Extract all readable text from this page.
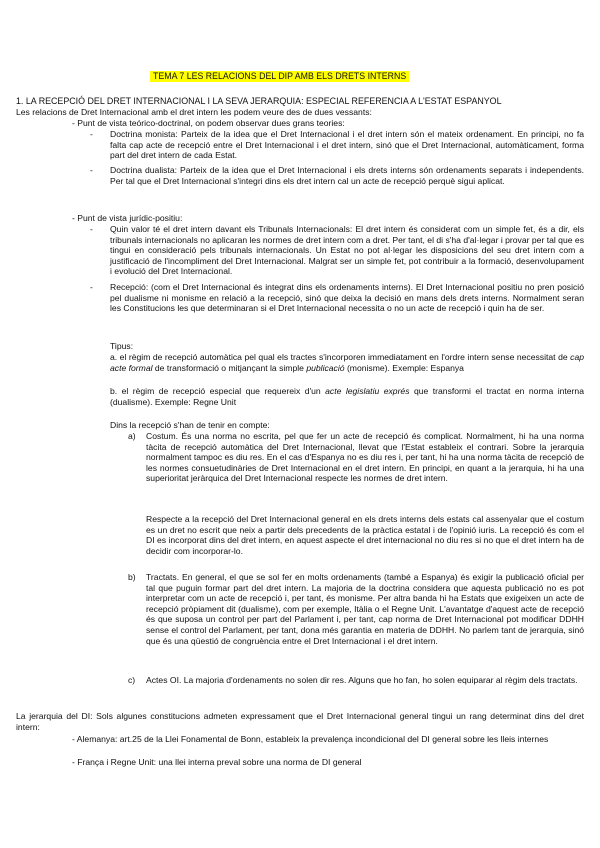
TEMA 7 LES RELACIONS DEL DIP AMB ELS DRETS INTERNS
1. LA RECEPCIÓ DEL DRET INTERNACIONAL I LA SEVA JERARQUIA: ESPECIAL REFERENCIA A L'ESTAT ESPANYOL
Les relacions de Dret Internacional amb el dret intern les podem veure des de dues vessants:
- Punt de vista teórico-doctrinal, on podem observar dues grans teories:
- Doctrina monista: Parteix de la idea que el Dret Internacional i el dret intern són el mateix ordenament. En principi, no fa falta cap acte de recepció entre el Dret Internacional i el dret intern, sinó que el Dret Internacional, automàticament, forma part del dret intern de cada Estat.
- Doctrina dualista: Parteix de la idea que el Dret Internacional i els drets interns són ordenaments separats i independents. Per tal que el Dret Internacional s'integri dins els dret intern cal un acte de recepció perquè sigui aplicat.
- Punt de vista jurídic-positiu:
- Quin valor té el dret intern davant els Tribunals Internacionals: El dret intern és considerat com un simple fet, és a dir, els tribunals internacionals no aplicaran les normes de dret intern com a dret. Per tant, el di s'ha d'al·legar i provar per tal que es tingui en consideració pels tribunals internacionals. Un Estat no pot al·legar les disposicions del seu dret intern com a justificació de l'incompliment del Dret Internacional. Malgrat ser un simple fet, pot contribuir a la formació, desenvolupament i evolució del Dret Internacional.
- Recepció: (com el Dret Internacional és integrat dins els ordenaments interns). El Dret Internacional positiu no pren posició pel dualisme ni monisme en relació a la recepció, sinó que deixa la decisió en mans dels drets interns. Normalment seran les Constitucions les que determinaran si el Dret Internacional necessita o no un acte de recepció i quin ha de ser.
Tipus:
a. el règim de recepció automàtica pel qual els tractes s'incorporen immediatament en l'ordre intern sense necessitat de cap acte formal de transformació o mitjançant la simple publicació (monisme). Exemple: Espanya
b. el règim de recepció especial que requereix d'un acte legislatiu exprés que transformi el tractat en norma interna (dualisme). Exemple: Regne Unit
Dins la recepció s'han de tenir en compte:
a) Costum. És una norma no escrita, pel que fer un acte de recepció és complicat. Normalment, hi ha una norma tàcita de recepció automàtica del Dret Internacional, llevat que l'Estat estableix el contrari. Sobre la jerarquia normalment tampoc es diu res. En el cas d'Espanya no es diu res i, per tant, hi ha una norma tàcita de recepció de les normes consuetudinàries de Dret Internacional en el dret intern. En principi, en quant a la jerarquia, hi ha una superioritat jeràrquica del Dret Internacional respecte les normes de dret intern.
Respecte a la recepció del Dret Internacional general en els drets interns dels estats cal assenyalar que el costum es un dret no escrit que neix a partir dels precedents de la pràctica estatal i de l'opinió iuris. La recepció és com el DI es incorporat dins del dret intern, en aquest aspecte el dret internacional no diu res si no que el dret intern ha de decidir com incorporar-lo.
b) Tractats. En general, el que se sol fer en molts ordenaments (també a Espanya) és exigir la publicació oficial per tal que puguin formar part del dret intern. La majoria de la doctrina considera que aquesta publicació no es pot interpretar com un acte de recepció i, per tant, és monisme. Per altra banda hi ha Estats que exigeixen un acte de recepció pròpiament dit (dualisme), com per exemple, Itàlia o el Regne Unit. L'avantatge d'aquest acte de recepció és que suposa un control per part del Parlament i, per tant, cap norma de Dret Internacional pot modificar DDHH sense el control del Parlament, per tant, dona més garantia en materia de DDHH. No parlem tant de jerarquia, sinó que és una qüestió de congruència entre el Dret Internacional i el dret intern.
c) Actes OI. La majoria d'ordenaments no solen dir res. Alguns que ho fan, ho solen equiparar al règim dels tractats.
La jerarquia del DI: Sols algunes constitucions admeten expressament que el Dret Internacional general tingui un rang determinat dins del dret intern:
- Alemanya: art.25 de la Llei Fonamental de Bonn, estableix la prevalença incondicional del DI general sobre les lleis internes
- França i Regne Unit: una llei interna preval sobre una norma de DI general
